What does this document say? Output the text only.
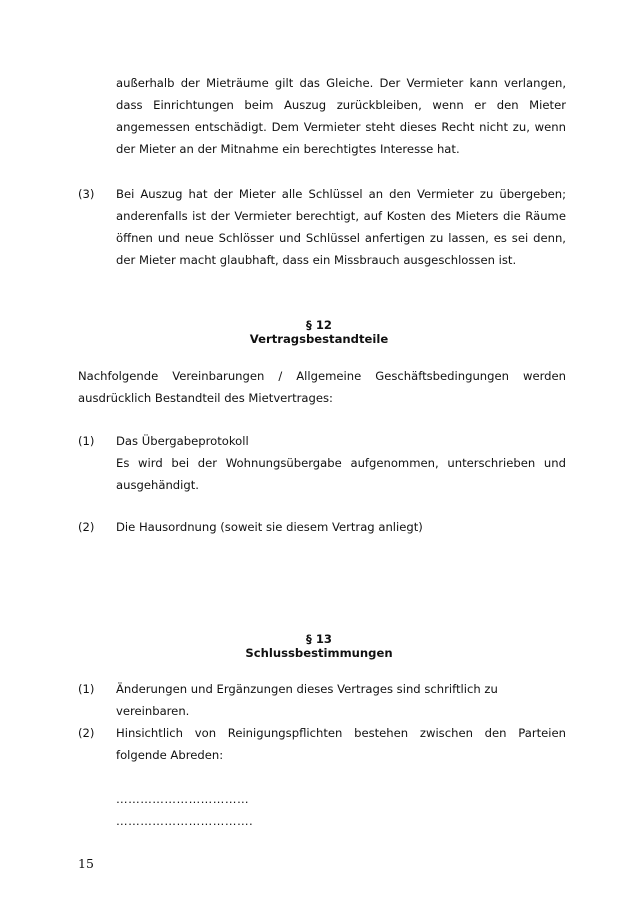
außerhalb der Mieträume gilt das Gleiche. Der Vermieter kann verlangen, dass Einrichtungen beim Auszug zurückbleiben, wenn er den Mieter angemessen entschädigt. Dem Vermieter steht dieses Recht nicht zu, wenn der Mieter an der Mitnahme ein berechtigtes Interesse hat.

(3) Bei Auszug hat der Mieter alle Schlüssel an den Vermieter zu übergeben; anderenfalls ist der Vermieter berechtigt, auf Kosten des Mieters die Räume öffnen und neue Schlösser und Schlüssel anfertigen zu lassen, es sei denn, der Mieter macht glaubhaft, dass ein Missbrauch ausgeschlossen ist.

§ 12
Vertragsbestandteile

Nachfolgende Vereinbarungen / Allgemeine Geschäftsbedingungen werden ausdrücklich Bestandteil des Mietvertrages:

(1) Das Übergabeprotokoll

Es wird bei der Wohnungsübergabe aufgenommen, unterschrieben und ausgehändigt.

(2) Die Hausordnung (soweit sie diesem Vertrag anliegt)

§ 13
Schlussbestimmungen
(1) Änderungen und Ergänzungen dieses Vertrages sind schriftlich zu vereinbaren.

(2) Hinsichtlich von Reinigungspflichten bestehen zwischen den Parteien folgende Abreden:

……………………………
…………………………….
15
